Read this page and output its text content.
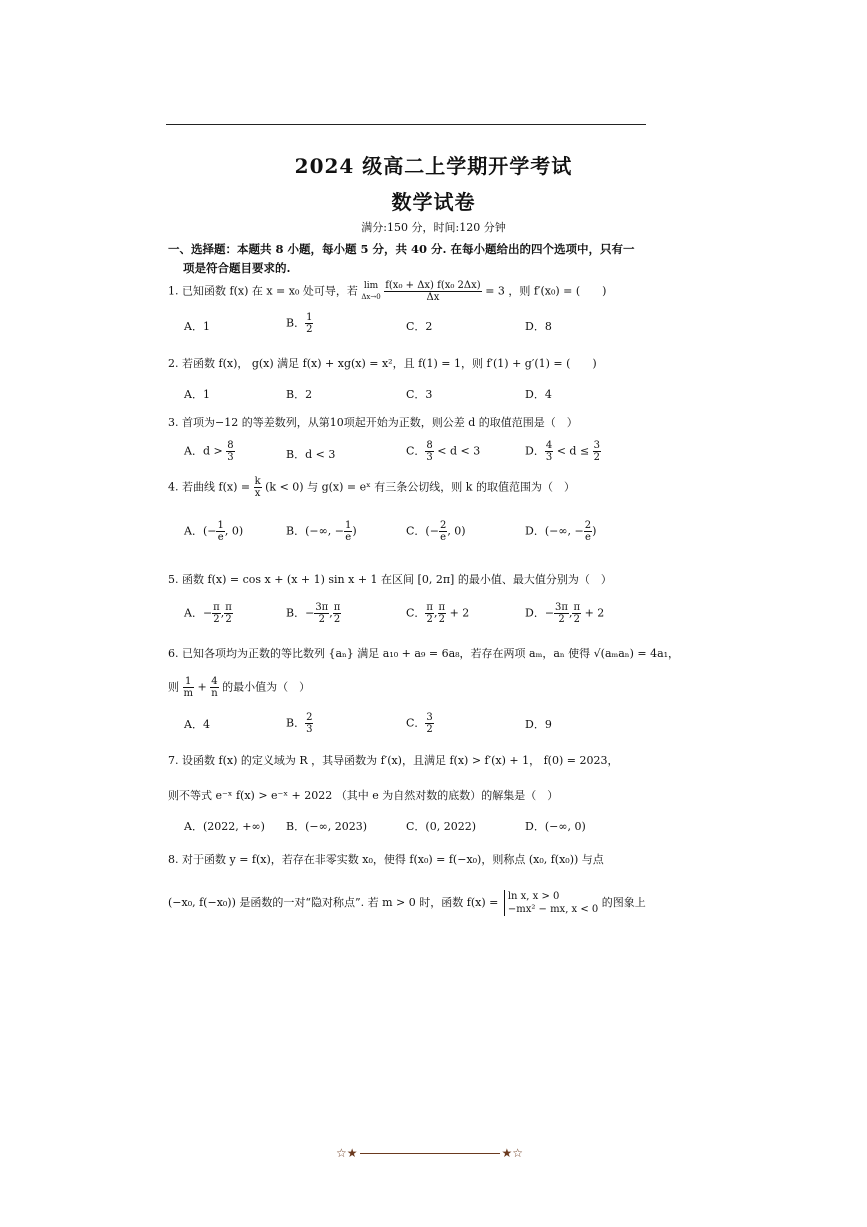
2024 级高二上学期开学考试
数学试卷
满分:150 分，时间:120 分钟
一、选择题：本题共 8 小题，每小题 5 分，共 40 分. 在每小题给出的四个选项中，只有一
项是符合题目要求的.
1. 已知函数 f(x) 在 x = x₀ 处可导，若 lim
Δx→0
$\frac{\text{f(x₀ + Δx) f(x₀ 2Δx)}}{\Delta x} = 3$ ，则 f′(x₀) = (　　)
A．1	B． $\frac{1}{2}$	C．2	D．8
2. 若函数 f(x)， g(x) 满足 f(x) + xg(x) = x²，且 f(1) = 1，则 f′(1) + g′(1) = (　　)
A．1	B．2	C．3	D．4
3. 首项为−12 的等差数列，从第10项起开始为正数，则公差 d 的取值范围是（　）
A．$d > \frac{8}{3}$	B．d < 3	C． $\frac{8}{3} < d < 3$	D． $\frac{4}{3} < d \le \frac{3}{2}$
4. 若曲线 $f(x) = \frac{k}{x} (k < 0)$ 与 g(x) = eˣ 有三条公切线，则 k 的取值范围为（　）
A．(− $\frac{1}{e}$ , 0)	B．(−∞, − $\frac{1}{e}$ )	C．(− $\frac{2}{e}$ , 0)	D．(−∞, − $\frac{2}{e}$ )
5. 函数 f(x) = cos x + (x + 1) sin x + 1 在区间 [0, 2π] 的最小值、最大值分别为（　）
A．− $\frac{\pi}{2}$ , $\frac{\pi}{2}$	B．− $\frac{3\pi}{2}$ , $\frac{\pi}{2}$	C． $\frac{\pi}{2}$ , $\frac{\pi}{2} + 2$	D．− $\frac{3\pi}{2}$ , $\frac{\pi}{2} + 2$
6. 已知各项均为正数的等比数列 {aₙ} 满足 a₁₀ + a₉ = 6a₈，若存在两项 aₘ，aₙ 使得 √(aₘaₙ) = 4a₁，
则 $\frac{1}{m} + \frac{4}{n}$ 的最小值为（　）
A．4	B． $\frac{2}{3}$	C． $\frac{3}{2}$	D．9
7. 设函数 f(x) 的定义域为 R ，其导函数为 f′(x)，且满足 f(x) > f′(x) + 1， f(0) = 2023，
则不等式 e⁻ˣ f(x) > e⁻ˣ + 2022 （其中 e 为自然对数的底数）的解集是（　）
A．(2022, +∞) B．(−∞, 2023)	C．(0, 2022)	D．(−∞, 0)
8. 对于函数 y = f(x)，若存在非零实数 x₀，使得 f(x₀) = f(−x₀)，则称点 (x₀, f(x₀)) 与点
(−x₀, f(−x₀)) 是函数的一对“隐对称点”. 若 m > 0 时，函数 f(x) = ln x, x > 0
−mx² − mx, x < 0
的图象上
☆★	★☆
